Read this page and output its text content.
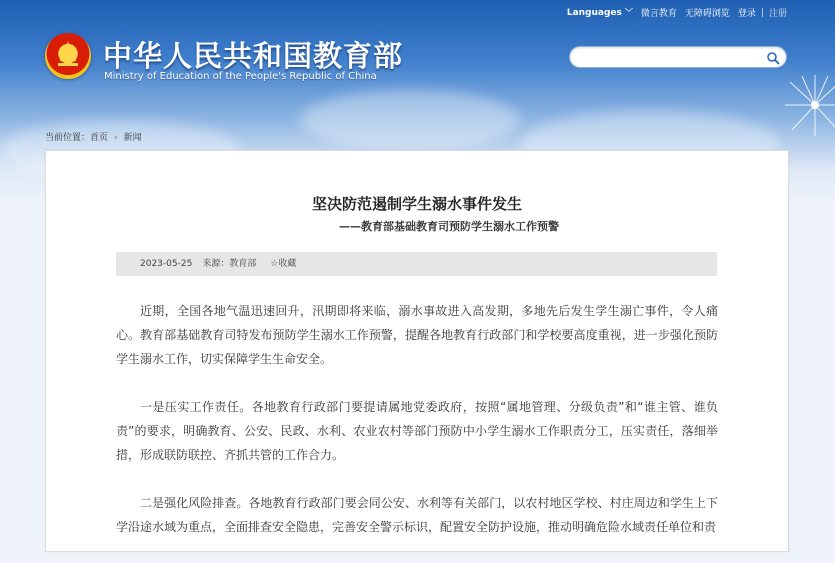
Languages ﹀ 微言教育 无障碍浏览 登录 | 注册
中华人民共和国教育部
Ministry of Education of the People's Republic of China
当前位置：首页 › 新闻
坚决防范遏制学生溺水事件发生
——教育部基础教育司预防学生溺水工作预警
2023-05-25 来源：教育部 ☆收藏

近期，全国各地气温迅速回升，汛期即将来临，溺水事故进入高发期，多地先后发生学生溺亡事件，令人痛心。教育部基础教育司特发布预防学生溺水工作预警，提醒各地教育行政部门和学校要高度重视，进一步强化预防学生溺水工作，切实保障学生生命安全。

一是压实工作责任。各地教育行政部门要提请属地党委政府，按照“属地管理、分级负责”和“谁主管、谁负责”的要求，明确教育、公安、民政、水利、农业农村等部门预防中小学生溺水工作职责分工，压实责任，落细举措，形成联防联控、齐抓共管的工作合力。

二是强化风险排查。各地教育行政部门要会同公安、水利等有关部门，以农村地区学校、村庄周边和学生上下学沿途水域为重点，全面排查安全隐患，完善安全警示标识，配置安全防护设施，推动明确危险水域责任单位和责
